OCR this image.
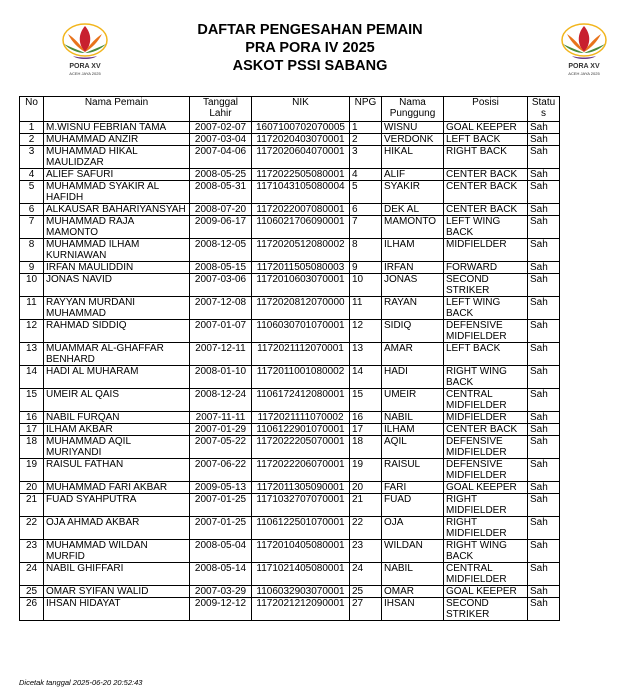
PORA XV
ACEH JAYA 2025
PORA XV
ACEH JAYA 2025
DAFTAR PENGESAHAN PEMAIN
PRA PORA IV 2025
ASKOT PSSI SABANG
No	Nama Pemain	Tanggal Lahir	NIK	NPG	Nama Punggung	Posisi	Status
1	M.WISNU FEBRIAN TAMA	2007-02-07	1607100702070005	1	WISNU	GOAL KEEPER	Sah
2	MUHAMMAD ANZIR	2007-03-04	1172020403070001	2	VERDONK	LEFT BACK	Sah
3	MUHAMMAD HIKAL MAULIDZAR	2007-04-06	1172020604070001	3	HIKAL	RIGHT BACK	Sah
4	ALIEF SAFURI	2008-05-25	1172022505080001	4	ALIF	CENTER BACK	Sah
5	MUHAMMAD SYAKIR AL HAFIDH	2008-05-31	1171043105080004	5	SYAKIR	CENTER BACK	Sah
6	ALKAUSAR BAHARIYANSYAH	2008-07-20	1172022007080001	6	DEK AL	CENTER BACK	Sah
7	MUHAMMAD RAJA MAMONTO	2009-06-17	1106021706090001	7	MAMONTO	LEFT WING BACK	Sah
8	MUHAMMAD ILHAM KURNIAWAN	2008-12-05	1172020512080002	8	ILHAM	MIDFIELDER	Sah
9	IRFAN MAULIDDIN	2008-05-15	1172011505080003	9	IRFAN	FORWARD	Sah
10	JONAS NAVID	2007-03-06	1172010603070001	10	JONAS	SECOND STRIKER	Sah
11	RAYYAN MURDANI MUHAMMAD	2007-12-08	1172020812070000	11	RAYAN	LEFT WING BACK	Sah
12	RAHMAD SIDDIQ	2007-01-07	1106030701070001	12	SIDIQ	DEFENSIVE MIDFIELDER	Sah
13	MUAMMAR AL-GHAFFAR BENHARD	2007-12-11	1172021112070001	13	AMAR	LEFT BACK	Sah
14	HADI AL MUHARAM	2008-01-10	1172011001080002	14	HADI	RIGHT WING BACK	Sah
15	UMEIR AL QAIS	2008-12-24	1106172412080001	15	UMEIR	CENTRAL MIDFIELDER	Sah
16	NABIL FURQAN	2007-11-11	1172021111070002	16	NABIL	MIDFIELDER	Sah
17	ILHAM AKBAR	2007-01-29	1106122901070001	17	ILHAM	CENTER BACK	Sah
18	MUHAMMAD AQIL MURIYANDI	2007-05-22	1172022205070001	18	AQIL	DEFENSIVE MIDFIELDER	Sah
19	RAISUL FATHAN	2007-06-22	1172022206070001	19	RAISUL	DEFENSIVE MIDFIELDER	Sah
20	MUHAMMAD FARI AKBAR	2009-05-13	1172011305090001	20	FARI	GOAL KEEPER	Sah
21	FUAD SYAHPUTRA	2007-01-25	1171032707070001	21	FUAD	RIGHT MIDFIELDER	Sah
22	OJA AHMAD AKBAR	2007-01-25	1106122501070001	22	OJA	RIGHT MIDFIELDER	Sah
23	MUHAMMAD WILDAN MURFID	2008-05-04	1172010405080001	23	WILDAN	RIGHT WING BACK	Sah
24	NABIL GHIFFARI	2008-05-14	1171021405080001	24	NABIL	CENTRAL MIDFIELDER	Sah
25	OMAR SYIFAN WALID	2007-03-29	1106032903070001	25	OMAR	GOAL KEEPER	Sah
26	IHSAN HIDAYAT	2009-12-12	1172021212090001	27	IHSAN	SECOND STRIKER	Sah
Dicetak tanggal 2025-06-20 20:52:43
